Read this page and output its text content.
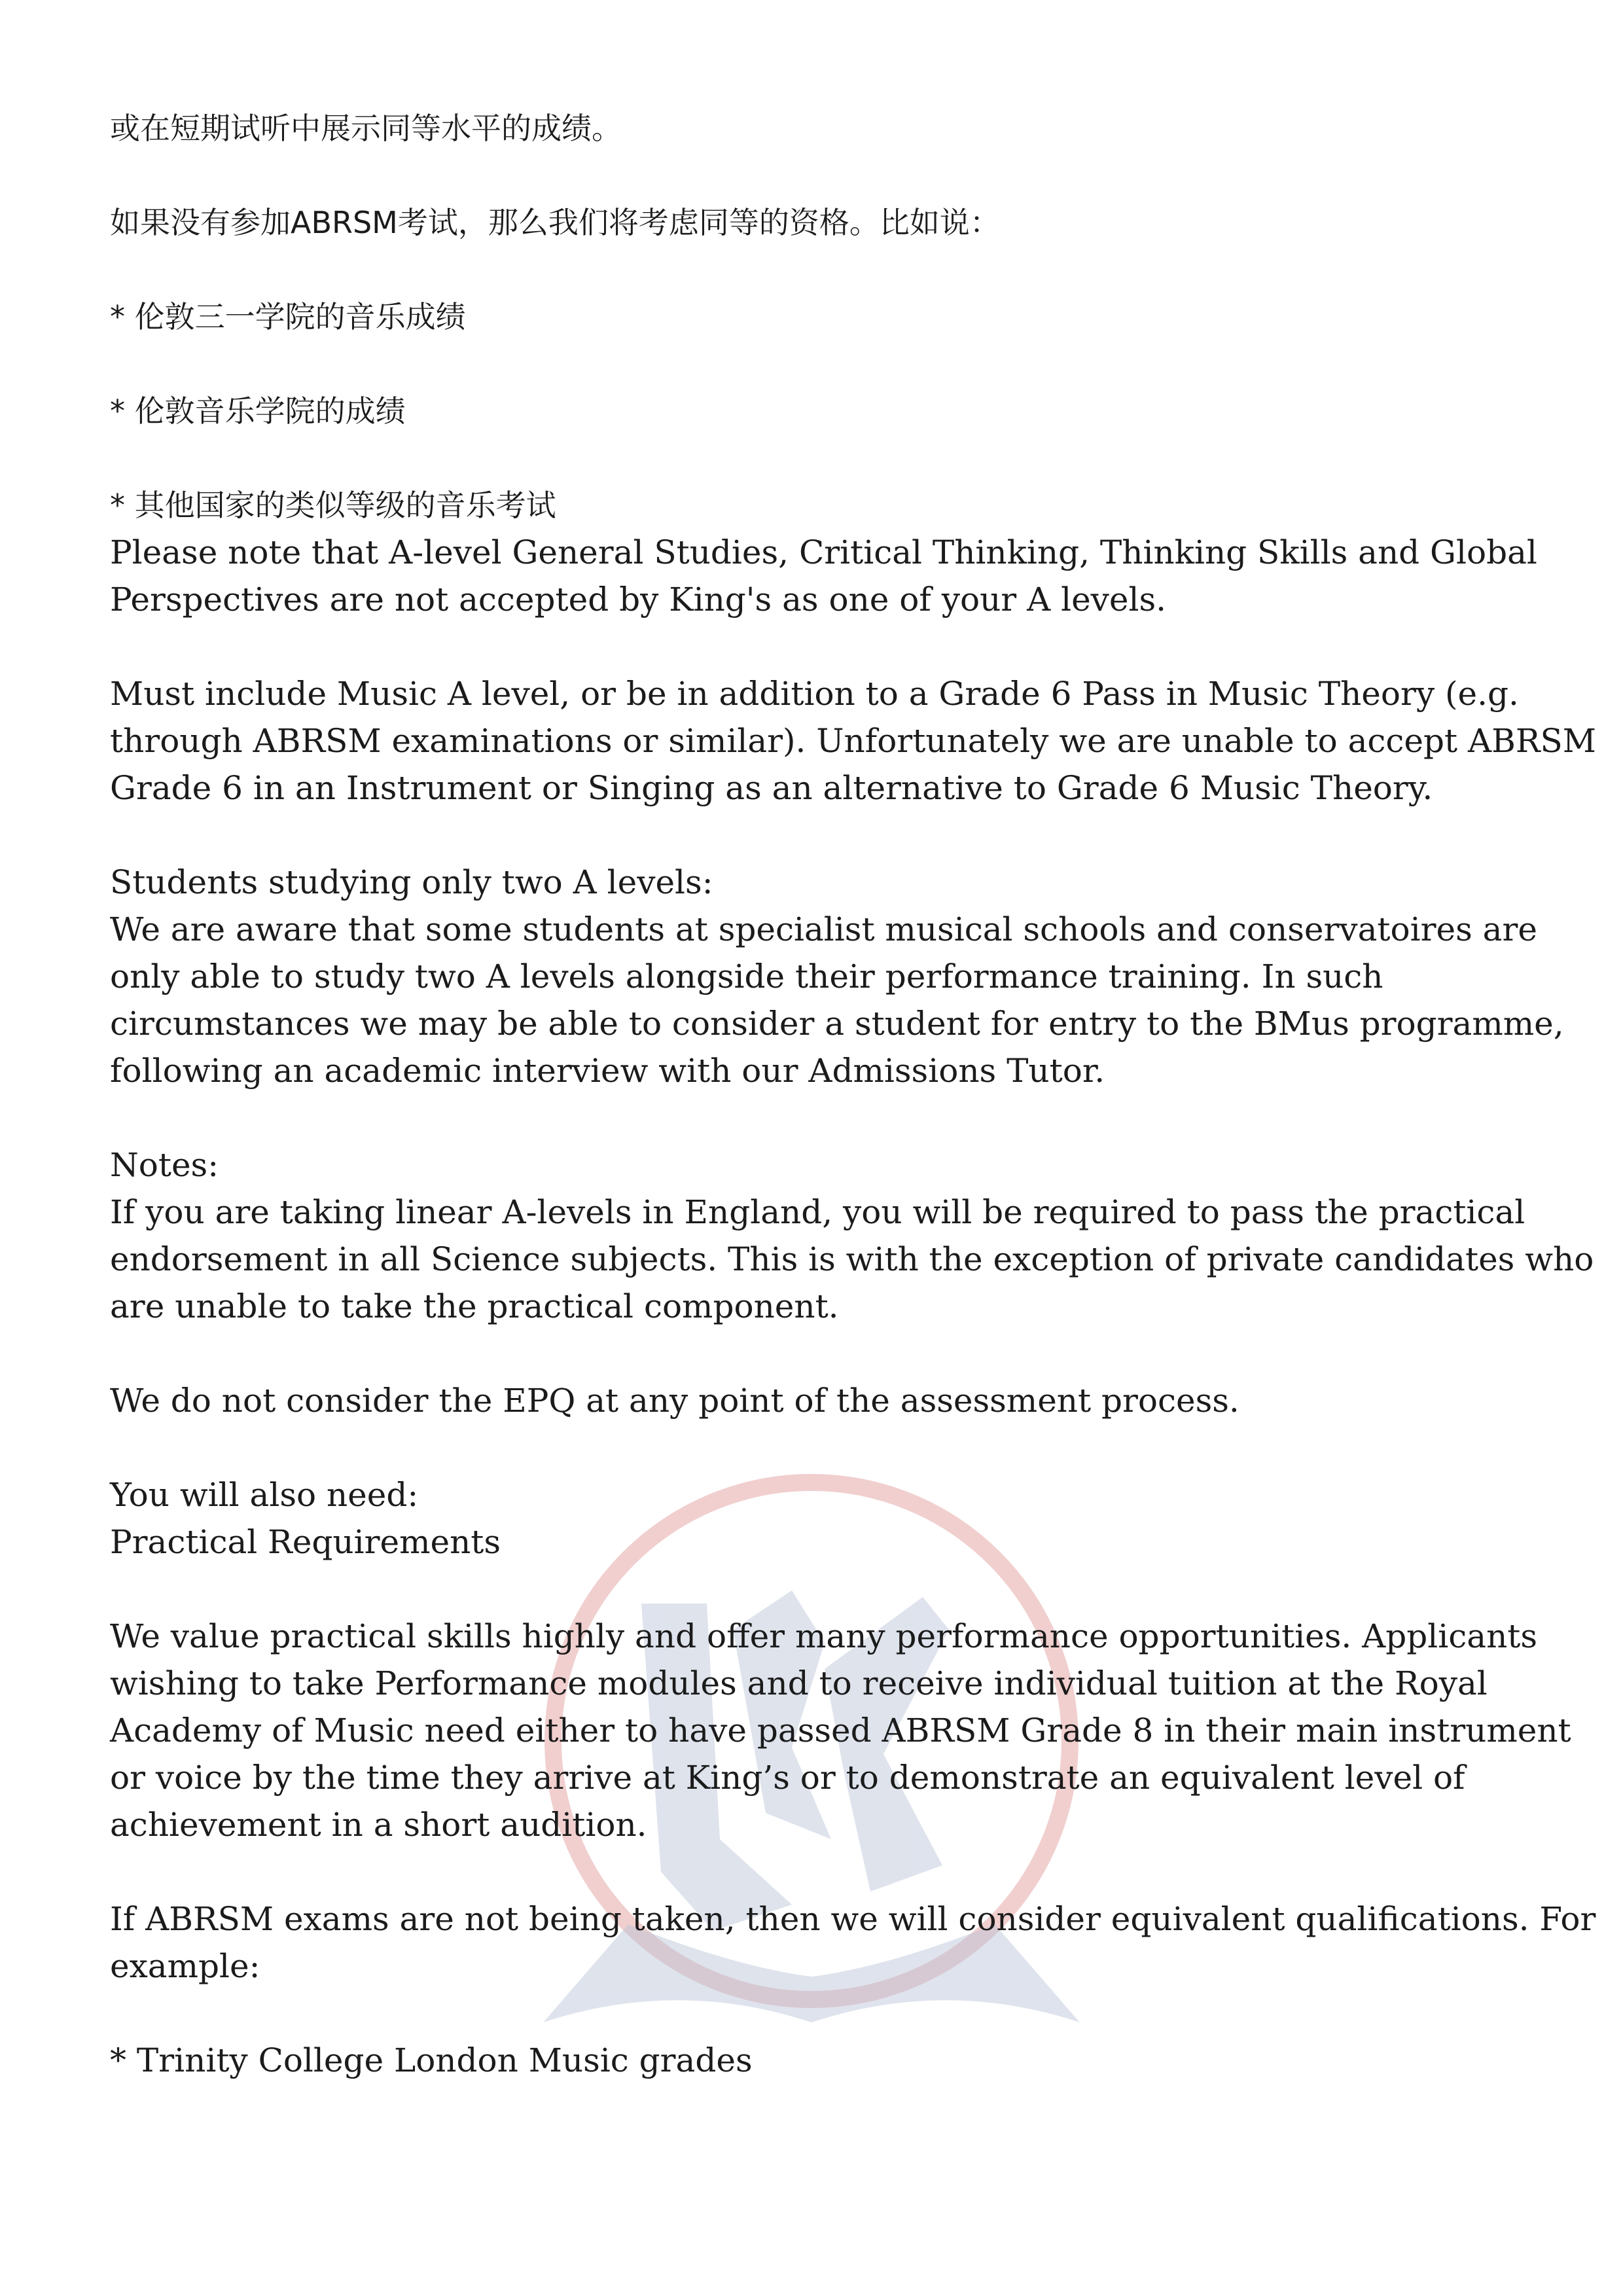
或在短期试听中展示同等水平的成绩。

如果没有参加ABRSM考试，那么我们将考虑同等的资格。比如说：

* 伦敦三一学院的音乐成绩

* 伦敦音乐学院的成绩

* 其他国家的类似等级的音乐考试

Please note that A-level General Studies, Critical Thinking, Thinking Skills and Global

Perspectives are not accepted by King's as one of your A levels.

Must include Music A level, or be in addition to a Grade 6 Pass in Music Theory (e.g.

through ABRSM examinations or similar). Unfortunately we are unable to accept ABRSM

Grade 6 in an Instrument or Singing as an alternative to Grade 6 Music Theory.

Students studying only two A levels:

We are aware that some students at specialist musical schools and conservatoires are

only able to study two A levels alongside their performance training. In such

circumstances we may be able to consider a student for entry to the BMus programme,

following an academic interview with our Admissions Tutor.

Notes:

If you are taking linear A-levels in England, you will be required to pass the practical

endorsement in all Science subjects. This is with the exception of private candidates who

are unable to take the practical component.

We do not consider the EPQ at any point of the assessment process.

You will also need:

Practical Requirements

We value practical skills highly and offer many performance opportunities. Applicants

wishing to take Performance modules and to receive individual tuition at the Royal

Academy of Music need either to have passed ABRSM Grade 8 in their main instrument

or voice by the time they arrive at King’s or to demonstrate an equivalent level of

achievement in a short audition.

If ABRSM exams are not being taken, then we will consider equivalent qualifications. For

example:

* Trinity College London Music grades
